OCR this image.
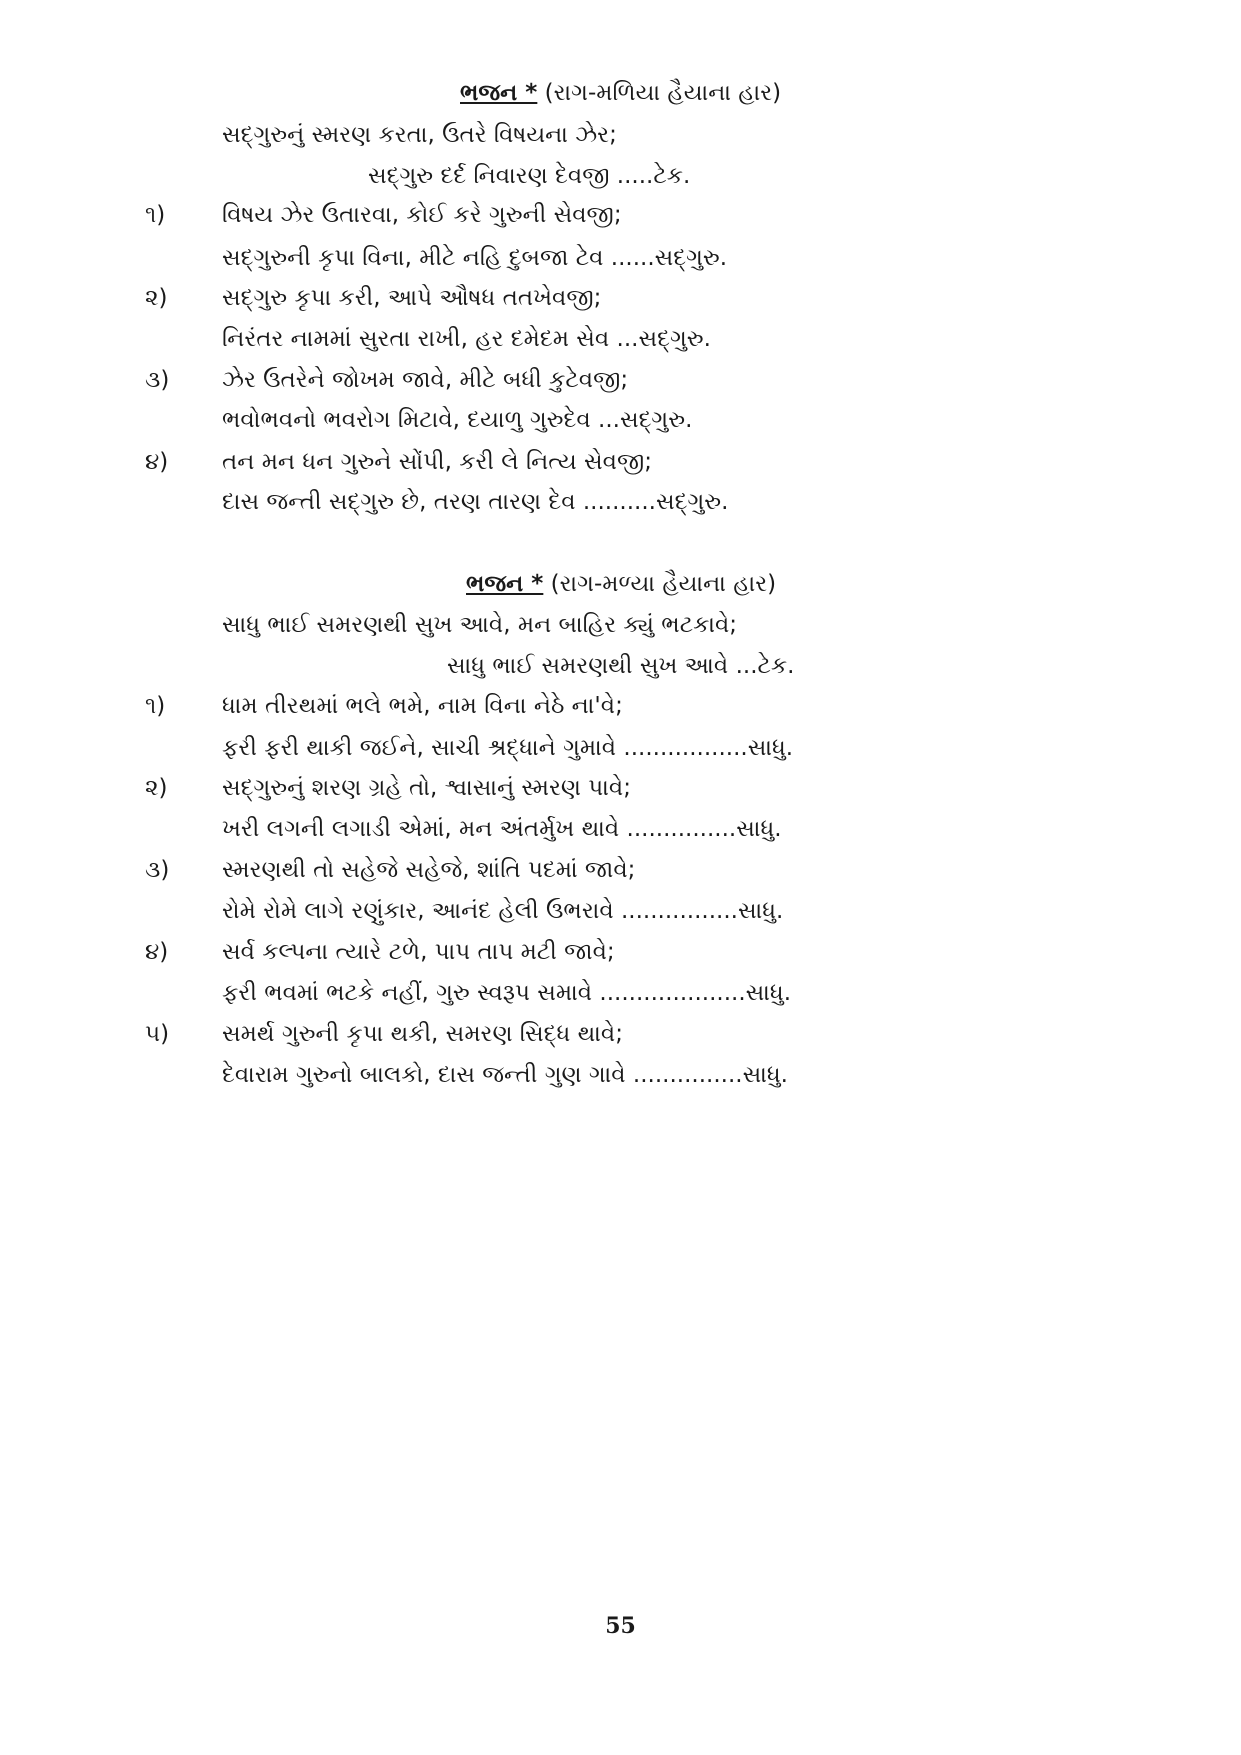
ભજન * (રાગ-મળિયા હૈયાના હાર)
સદ્‍ગુરુનું સ્મરણ કરતા, ઉતરે વિષયના ઝેર;
સદ્‍ગુરુ દર્દ નિવારણ દેવજી .....ટેક.
૧) વિષય ઝેર ઉતારવા, કોઈ કરે ગુરુની સેવજી;
સદ્‍ગુરુની કૃપા વિના, મીટે નહિ દુબજા ટેવ ......સદ્‍ગુરુ.
૨) સદ્‍ગુરુ કૃપા કરી, આપે ઔષધ તતખેવજી;
નિરંતર નામમાં સુરતા રાખી, હર દમેદમ સેવ ...સદ્‍ગુરુ.
૩) ઝેર ઉતરેને જોખમ જાવે, મીટે બધી કુટેવજી;
ભવોભવનો ભવરોગ મિટાવે, દયાળુ ગુરુદેવ ...સદ્‍ગુરુ.
૪) તન મન ધન ગુરુને સોંપી, કરી લે નિત્ય સેવજી;
દાસ જન્તી સદ્‍ગુરુ છે, તરણ તારણ દેવ ..........સદ્‍ગુરુ.
ભજન * (રાગ-મળ્યા હૈયાના હાર)
સાધુ ભાઈ સમરણથી સુખ આવે, મન બાહિર ક્યું ભટકાવે;
સાધુ ભાઈ સમરણથી સુખ આવે ...ટેક.
૧) ધામ તીરથમાં ભલે ભમે, નામ વિના નેઠે ના'વે;
ફરી ફરી થાકી જઈને, સાચી શ્રદ્ધાને ગુમાવે .................સાધુ.
૨) સદ્‍ગુરુનું શરણ ગ્રહે તો, શ્વાસાનું સ્મરણ પાવે;
ખરી લગની લગાડી એમાં, મન અંતર્મુખ થાવે ...............સાધુ.
૩) સ્મરણથી તો સહેજે સહેજે, શાંતિ પદમાં જાવે;
રોમે રોમે લાગે રણુંકાર, આનંદ હેલી ઉભરાવે ................સાધુ.
૪) સર્વ કલ્પના ત્યારે ટળે, પાપ તાપ મટી જાવે;
ફરી ભવમાં ભટકે નહીં, ગુરુ સ્વરૂપ સમાવે ....................સાધુ.
૫) સમર્થ ગુરુની કૃપા થકી, સમરણ સિદ્ધ થાવે;
દેવારામ ગુરુનો બાલકો, દાસ જન્તી ગુણ ગાવે ...............સાધુ.
55
